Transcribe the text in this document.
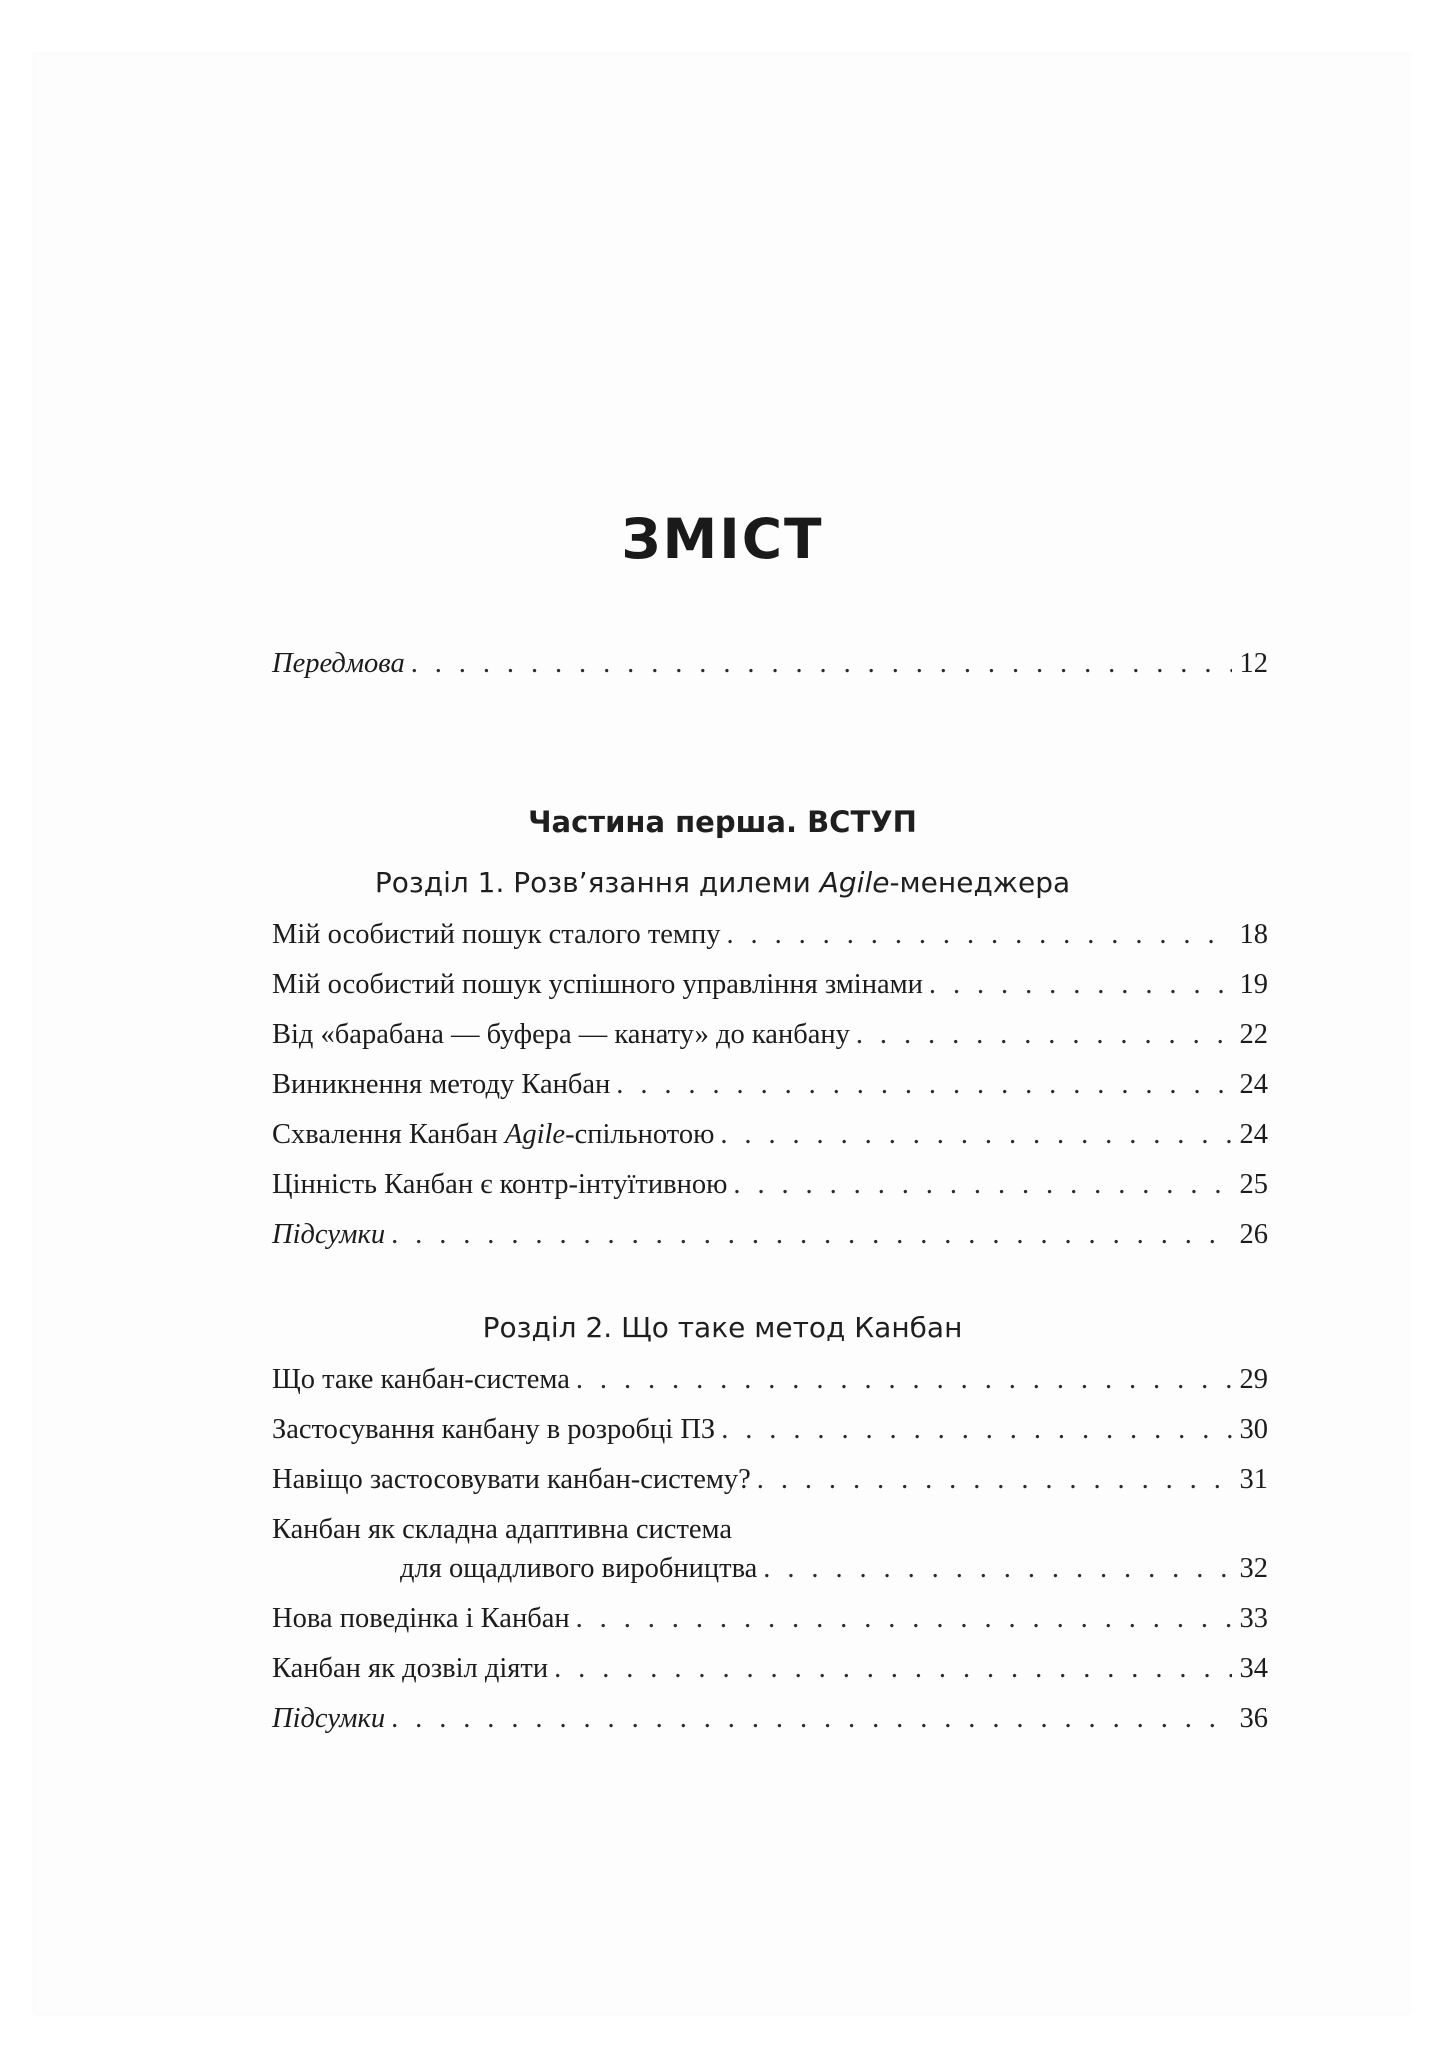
ЗМІСТ
Передмова . . .	12
Частина перша. ВСТУП
Розділ 1. Розв’язання дилеми Agile-менеджера
Мій особистий пошук сталого темпу . . .	18
Мій особистий пошук успішного управління змінами . . .	19
Від «барабана — буфера — канату» до канбану . . .	22
Виникнення методу Канбан . . .	24
Схвалення Канбан Agile-спільнотою . . .	24
Цінність Канбан є контр-інтуїтивною . . .	25
Підсумки . . .	26
Розділ 2. Що таке метод Канбан
Що таке канбан-система . . .	29
Застосування канбану в розробці ПЗ . . .	30
Навіщо застосовувати канбан-систему? . . .	31
Канбан як складна адаптивна система
для ощадливого виробництва . . .	32
Нова поведінка і Канбан . . .	33
Канбан як дозвіл діяти . . .	34
Підсумки . . .	36
